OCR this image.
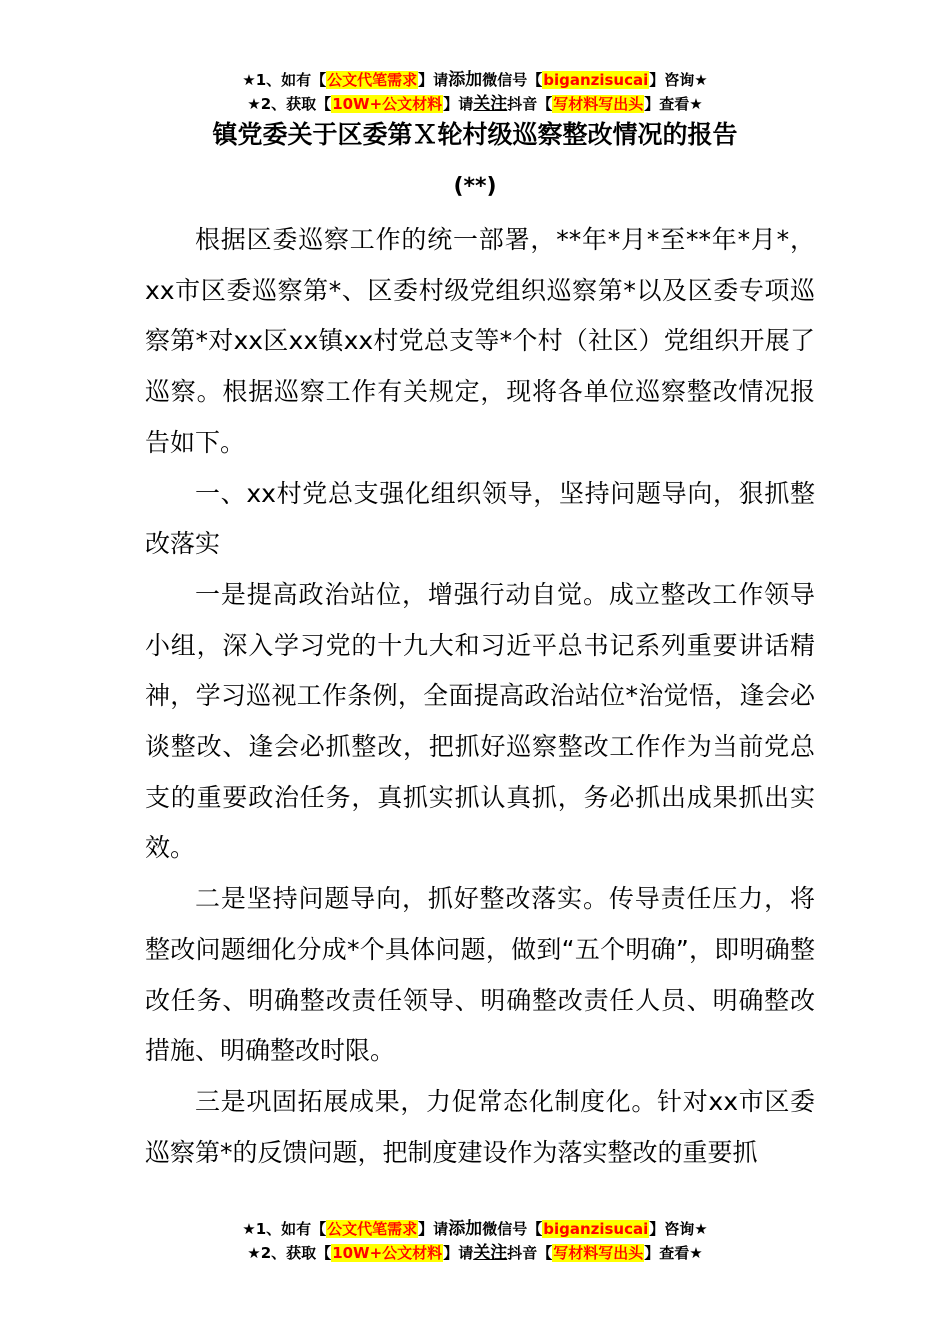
★1、如有【公文代笔需求】请添加微信号【biganzisucai】咨询★
★2、获取【10W+公文材料】请关注抖音【写材料写出头】查看★
镇党委关于区委第Ｘ轮村级巡察整改情况的报告
(**)

根据区委巡察工作的统一部署，**年*月*至**年*月*，xx市区委巡察第*、区委村级党组织巡察第*以及区委专项巡察第*对xx区xx镇xx村党总支等*个村（社区）党组织开展了巡察。根据巡察工作有关规定，现将各单位巡察整改情况报告如下。

一、xx村党总支强化组织领导，坚持问题导向，狠抓整改落实

一是提高政治站位，增强行动自觉。成立整改工作领导小组，深入学习党的十九大和习近平总书记系列重要讲话精神，学习巡视工作条例，全面提高政治站位*治觉悟，逢会必谈整改、逢会必抓整改，把抓好巡察整改工作作为当前党总支的重要政治任务，真抓实抓认真抓，务必抓出成果抓出实效。

二是坚持问题导向，抓好整改落实。传导责任压力，将整改问题细化分成*个具体问题，做到“五个明确”，即明确整改任务、明确整改责任领导、明确整改责任人员、明确整改措施、明确整改时限。

三是巩固拓展成果，力促常态化制度化。针对xx市区委巡察第*的反馈问题，把制度建设作为落实整改的重要抓

★1、如有【公文代笔需求】请添加微信号【biganzisucai】咨询★
★2、获取【10W+公文材料】请关注抖音【写材料写出头】查看★
